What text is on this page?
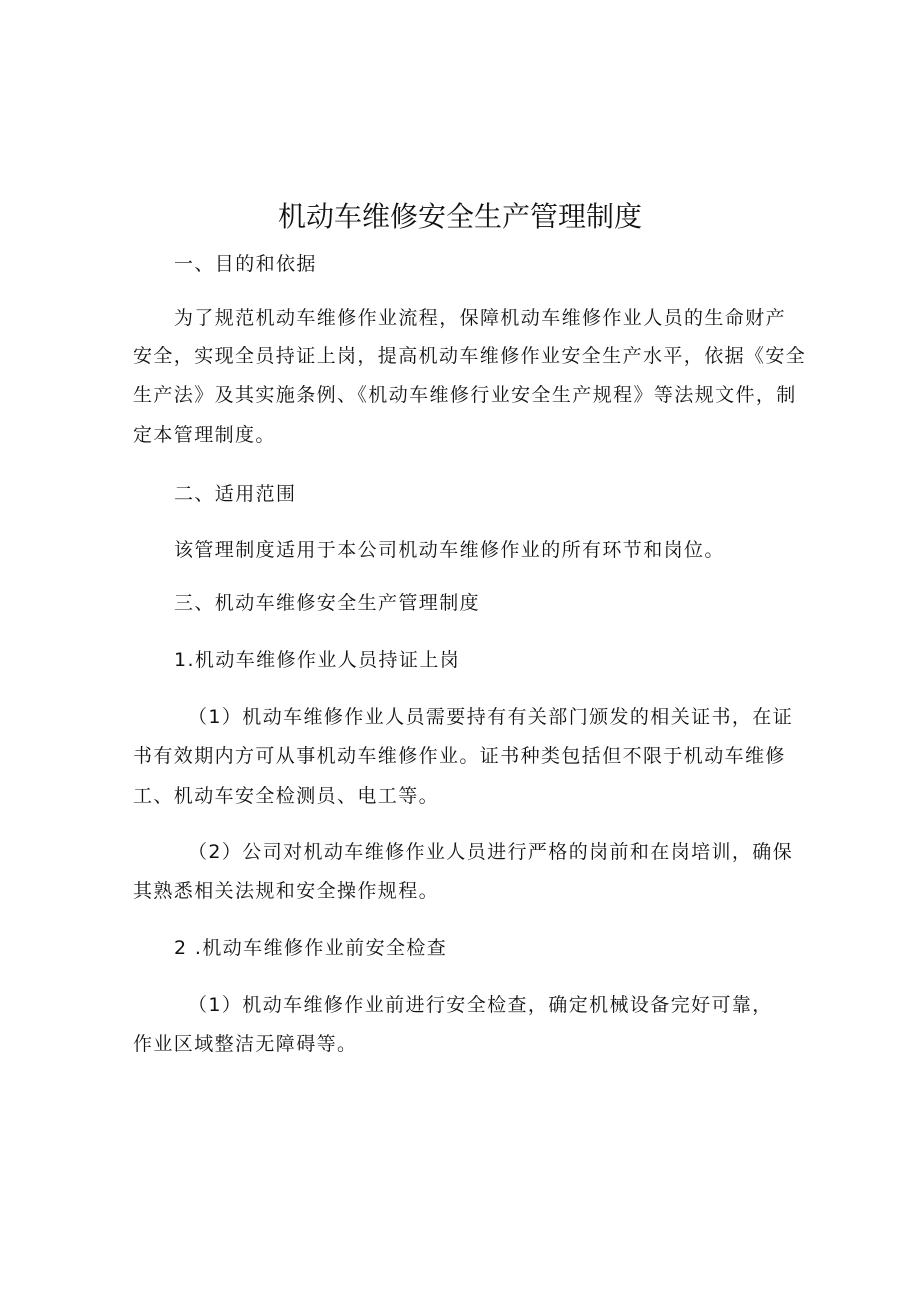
机动车维修安全生产管理制度

一、目的和依据

为了规范机动车维修作业流程，保障机动车维修作业人员的生命财产

安全，实现全员持证上岗，提高机动车维修作业安全生产水平，依据《安全

生产法》及其实施条例、《机动车维修行业安全生产规程》等法规文件，制

定本管理制度。

二、适用范围

该管理制度适用于本公司机动车维修作业的所有环节和岗位。

三、机动车维修安全生产管理制度

1.机动车维修作业人员持证上岗

（1）机动车维修作业人员需要持有有关部门颁发的相关证书，在证

书有效期内方可从事机动车维修作业。证书种类包括但不限于机动车维修

工、机动车安全检测员、电工等。

（2）公司对机动车维修作业人员进行严格的岗前和在岗培训，确保

其熟悉相关法规和安全操作规程。

2 .机动车维修作业前安全检查

（1）机动车维修作业前进行安全检查，确定机械设备完好可靠，

作业区域整洁无障碍等。
